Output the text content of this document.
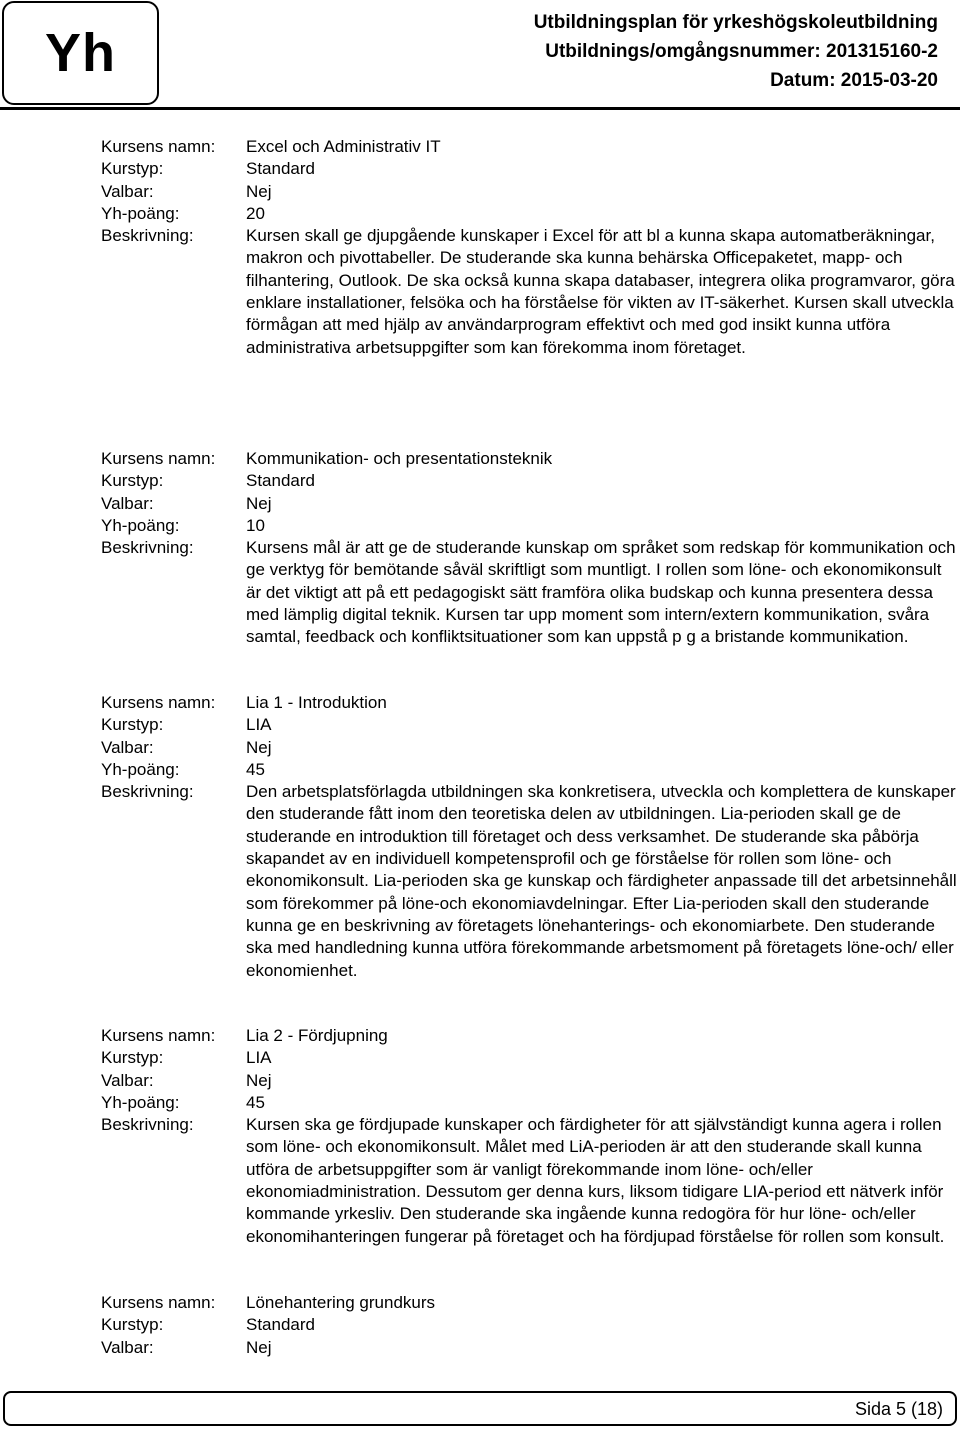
Yh
Utbildningsplan för yrkeshögskoleutbildning
Utbildnings/omgångsnummer: 201315160-2
Datum: 2015-03-20
Kursens namn:	Excel och Administrativ IT
Kurstyp:	Standard
Valbar:	Nej
Yh-poäng:	20
Beskrivning:	Kursen skall ge djupgående kunskaper i Excel för att bl a kunna skapa automatberäkningar, makron och pivottabeller. De studerande ska kunna behärska Officepaketet, mapp- och filhantering, Outlook. De ska också kunna skapa databaser, integrera olika programvaror, göra enklare installationer, felsöka och ha förståelse för vikten av IT-säkerhet. Kursen skall utveckla förmågan att med hjälp av användarprogram effektivt och med god insikt kunna utföra administrativa arbetsuppgifter som kan förekomma inom företaget.
Kursens namn:	Kommunikation- och presentationsteknik
Kurstyp:	Standard
Valbar:	Nej
Yh-poäng:	10
Beskrivning:	Kursens mål är att ge de studerande kunskap om språket som redskap för kommunikation och ge verktyg för bemötande såväl skriftligt som muntligt. I rollen som löne- och ekonomikonsult är det viktigt att på ett pedagogiskt sätt framföra olika budskap och kunna presentera dessa med lämplig digital teknik. Kursen tar upp moment som intern/extern kommunikation, svåra samtal, feedback och konfliktsituationer som kan uppstå p g a bristande kommunikation.
Kursens namn:	Lia 1 - Introduktion
Kurstyp:	LIA
Valbar:	Nej
Yh-poäng:	45
Beskrivning:	Den arbetsplatsförlagda utbildningen ska konkretisera, utveckla och komplettera de kunskaper den studerande fått inom den teoretiska delen av utbildningen. Lia-perioden skall ge de studerande en introduktion till företaget och dess verksamhet. De studerande ska påbörja skapandet av en individuell kompetensprofil och ge förståelse för rollen som löne- och ekonomikonsult. Lia-perioden ska ge kunskap och färdigheter anpassade till det arbetsinnehåll som förekommer på löne-och ekonomiavdelningar. Efter Lia-perioden skall den studerande kunna ge en beskrivning av företagets lönehanterings- och ekonomiarbete. Den studerande ska med handledning kunna utföra förekommande arbetsmoment på företagets löne-och/ eller ekonomienhet.
Kursens namn:	Lia 2 - Fördjupning
Kurstyp:	LIA
Valbar:	Nej
Yh-poäng:	45
Beskrivning:	Kursen ska ge fördjupade kunskaper och färdigheter för att självständigt kunna agera i rollen som löne- och ekonomikonsult. Målet med LiA-perioden är att den studerande skall kunna utföra de arbetsuppgifter som är vanligt förekommande inom löne- och/eller ekonomiadministration. Dessutom ger denna kurs, liksom tidigare LIA-period ett nätverk inför kommande yrkesliv. Den studerande ska ingående kunna redogöra för hur löne- och/eller ekonomihanteringen fungerar på företaget och ha fördjupad förståelse för rollen som konsult.
Kursens namn:	Lönehantering grundkurs
Kurstyp:	Standard
Valbar:	Nej
Sida 5 (18)
